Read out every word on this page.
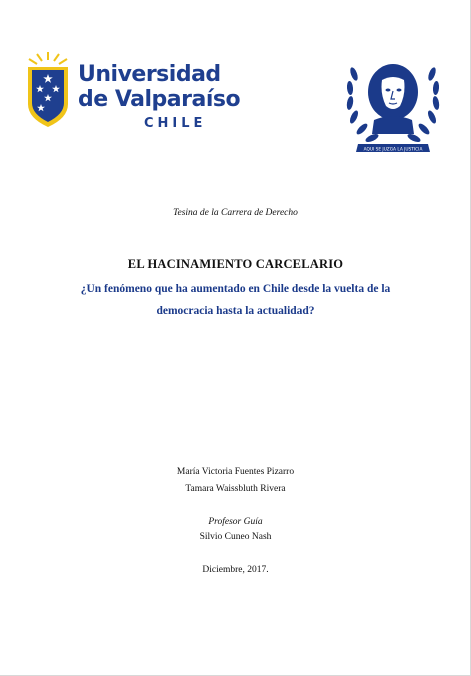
Universidad
de Valparaíso
CHILE
AQUI SE JUZGA LA JUSTICIA
Tesina de la Carrera de Derecho
EL HACINAMIENTO CARCELARIO
¿Un fenómeno que ha aumentado en Chile desde la vuelta de la democracia hasta la actualidad?
María Victoria Fuentes Pizarro
Tamara Waissbluth Rivera
Profesor Guía
Silvio Cuneo Nash
Diciembre, 2017.
